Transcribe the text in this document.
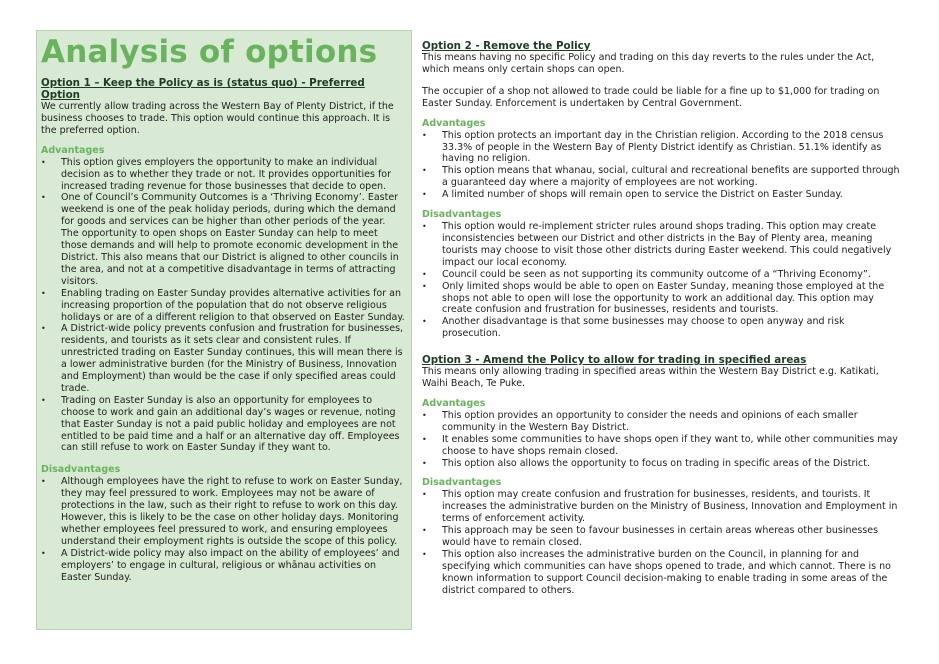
Analysis of options

Option 1 – Keep the Policy as is (status quo) - Preferred Option

We currently allow trading across the Western Bay of Plenty District, if the business chooses to trade. This option would continue this approach. It is the preferred option.

Advantages

• This option gives employers the opportunity to make an individual decision as to whether they trade or not. It provides opportunities for increased trading revenue for those businesses that decide to open.
• One of Council’s Community Outcomes is a ‘Thriving Economy’. Easter weekend is one of the peak holiday periods, during which the demand for goods and services can be higher than other periods of the year. The opportunity to open shops on Easter Sunday can help to meet those demands and will help to promote economic development in the District. This also means that our District is aligned to other councils in the area, and not at a competitive disadvantage in terms of attracting visitors.
• Enabling trading on Easter Sunday provides alternative activities for an increasing proportion of the population that do not observe religious holidays or are of a different religion to that observed on Easter Sunday.
• A District-wide policy prevents confusion and frustration for businesses, residents, and tourists as it sets clear and consistent rules. If unrestricted trading on Easter Sunday continues, this will mean there is a lower administrative burden (for the Ministry of Business, Innovation and Employment) than would be the case if only specified areas could trade.
• Trading on Easter Sunday is also an opportunity for employees to choose to work and gain an additional day’s wages or revenue, noting that Easter Sunday is not a paid public holiday and employees are not entitled to be paid time and a half or an alternative day off. Employees can still refuse to work on Easter Sunday if they want to.

Disadvantages

• Although employees have the right to refuse to work on Easter Sunday, they may feel pressured to work. Employees may not be aware of protections in the law, such as their right to refuse to work on this day. However, this is likely to be the case on other holiday days. Monitoring whether employees feel pressured to work, and ensuring employees understand their employment rights is outside the scope of this policy.
• A District-wide policy may also impact on the ability of employees’ and employers’ to engage in cultural, religious or whānau activities on Easter Sunday.

Option 2 - Remove the Policy

This means having no specific Policy and trading on this day reverts to the rules under the Act, which means only certain shops can open.

The occupier of a shop not allowed to trade could be liable for a fine up to $1,000 for trading on Easter Sunday. Enforcement is undertaken by Central Government.

Advantages

• This option protects an important day in the Christian religion. According to the 2018 census 33.3% of people in the Western Bay of Plenty District identify as Christian. 51.1% identify as having no religion.
• This option means that whanau, social, cultural and recreational benefits are supported through a guaranteed day where a majority of employees are not working.
• A limited number of shops will remain open to service the District on Easter Sunday.

Disadvantages

• This option would re-implement stricter rules around shops trading. This option may create inconsistencies between our District and other districts in the Bay of Plenty area, meaning tourists may choose to visit those other districts during Easter weekend. This could negatively impact our local economy.
• Council could be seen as not supporting its community outcome of a “Thriving Economy”.
• Only limited shops would be able to open on Easter Sunday, meaning those employed at the shops not able to open will lose the opportunity to work an additional day. This option may create confusion and frustration for businesses, residents and tourists.
• Another disadvantage is that some businesses may choose to open anyway and risk prosecution.

Option 3 - Amend the Policy to allow for trading in specified areas

This means only allowing trading in specified areas within the Western Bay District e.g. Katikati, Waihi Beach, Te Puke.

Advantages

• This option provides an opportunity to consider the needs and opinions of each smaller community in the Western Bay District.
• It enables some communities to have shops open if they want to, while other communities may choose to have shops remain closed.
• This option also allows the opportunity to focus on trading in specific areas of the District.

Disadvantages

• This option may create confusion and frustration for businesses, residents, and tourists. It increases the administrative burden on the Ministry of Business, Innovation and Employment in terms of enforcement activity.
• This approach may be seen to favour businesses in certain areas whereas other businesses would have to remain closed.
• This option also increases the administrative burden on the Council, in planning for and specifying which communities can have shops opened to trade, and which cannot. There is no known information to support Council decision-making to enable trading in some areas of the district compared to others.
